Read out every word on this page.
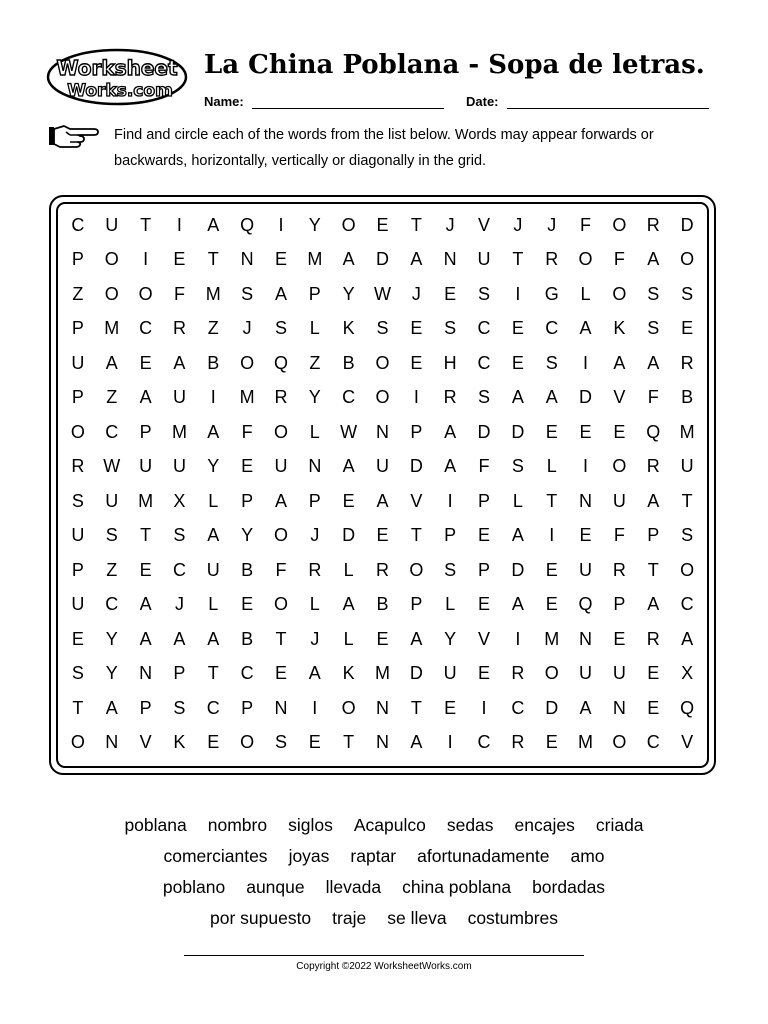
Worksheet
Works.com
La China Poblana - Sopa de letras.
Name:	Date:
Find and circle each of the words from the list below. Words may appear forwards or backwards, horizontally, vertically or diagonally in the grid.
C	U	T	I	A	Q	I	Y	O	E	T	J	V	J	J	F	O	R	D
P	O	I	E	T	N	E	M	A	D	A	N	U	T	R	O	F	A	O
Z	O	O	F	M	S	A	P	Y	W	J	E	S	I	G	L	O	S	S
P	M	C	R	Z	J	S	L	K	S	E	S	C	E	C	A	K	S	E
U	A	E	A	B	O	Q	Z	B	O	E	H	C	E	S	I	A	A	R
P	Z	A	U	I	M	R	Y	C	O	I	R	S	A	A	D	V	F	B
O	C	P	M	A	F	O	L	W	N	P	A	D	D	E	E	E	Q	M
R	W	U	U	Y	E	U	N	A	U	D	A	F	S	L	I	O	R	U
S	U	M	X	L	P	A	P	E	A	V	I	P	L	T	N	U	A	T
U	S	T	S	A	Y	O	J	D	E	T	P	E	A	I	E	F	P	S
P	Z	E	C	U	B	F	R	L	R	O	S	P	D	E	U	R	T	O
U	C	A	J	L	E	O	L	A	B	P	L	E	A	E	Q	P	A	C
E	Y	A	A	A	B	T	J	L	E	A	Y	V	I	M	N	E	R	A
S	Y	N	P	T	C	E	A	K	M	D	U	E	R	O	U	U	E	X
T	A	P	S	C	P	N	I	O	N	T	E	I	C	D	A	N	E	Q
O	N	V	K	E	O	S	E	T	N	A	I	C	R	E	M	O	C	V
poblana nombro siglos Acapulco sedas encajes criada
comerciantes joyas raptar afortunadamente amo
poblano aunque llevada china poblana bordadas
por supuesto traje se lleva costumbres
Copyright ©2022 WorksheetWorks.com
